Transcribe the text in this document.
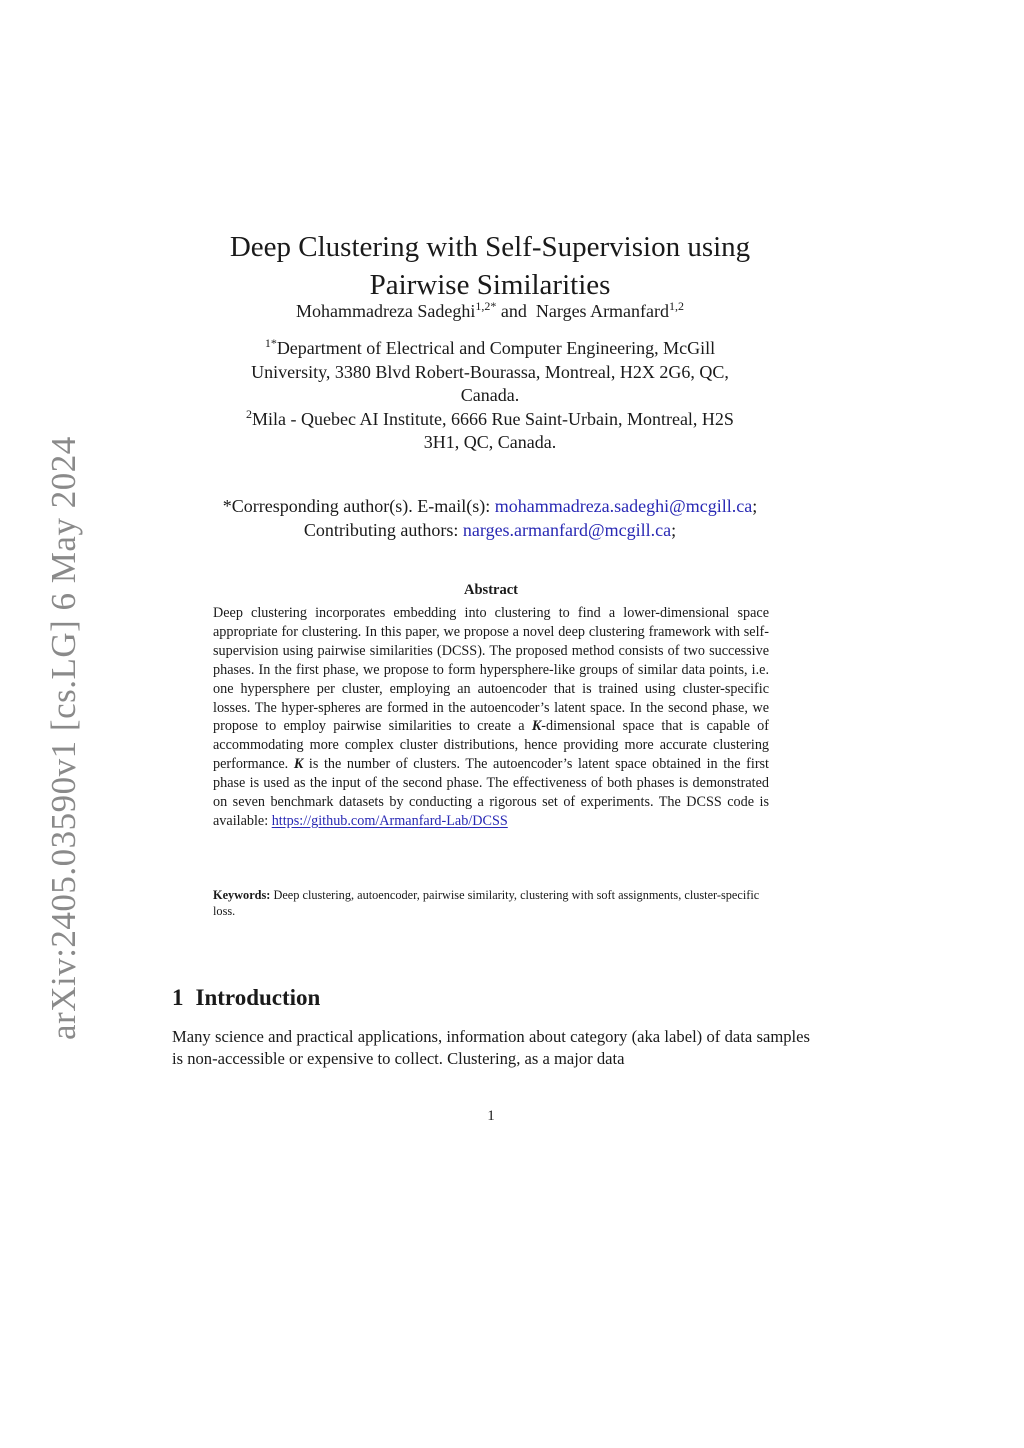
arXiv:2405.03590v1 [cs.LG] 6 May 2024
Deep Clustering with Self-Supervision using
Pairwise Similarities
Mohammadreza Sadeghi$^{1,2*}$ and Narges Armanfard$^{1,2}$

$^{1*}$Department of Electrical and Computer Engineering, McGill

University, 3380 Blvd Robert-Bourassa, Montreal, H2X 2G6, QC,

Canada.

$^2$Mila - Quebec AI Institute, 6666 Rue Saint-Urbain, Montreal, H2S

3H1, QC, Canada.

*Corresponding author(s). E-mail(s): mohammadreza.sadeghi@mcgill.ca;

Contributing authors: narges.armanfard@mcgill.ca;

Abstract

Deep clustering incorporates embedding into clustering to find a lower-dimensional space appropriate for clustering. In this paper, we propose a novel deep clustering framework with self-supervision using pairwise similarities (DCSS). The proposed method consists of two successive phases. In the first phase, we propose to form hypersphere-like groups of similar data points, i.e. one hypersphere per cluster, employing an autoencoder that is trained using cluster-specific losses. The hyper-spheres are formed in the autoencoder’s latent space. In the second phase, we propose to employ pairwise similarities to create a K-dimensional space that is capable of accommodating more complex cluster distributions, hence providing more accurate clustering performance. K is the number of clusters. The autoencoder’s latent space obtained in the first phase is used as the input of the second phase. The effectiveness of both phases is demonstrated on seven benchmark datasets by conducting a rigorous set of experiments. The DCSS code is available: https://github.com/Armanfard-Lab/DCSS

Keywords: Deep clustering, autoencoder, pairwise similarity, clustering with soft assignments, cluster-specific loss.

1 Introduction

Many science and practical applications, information about category (aka label) of data samples is non-accessible or expensive to collect. Clustering, as a major data

1
